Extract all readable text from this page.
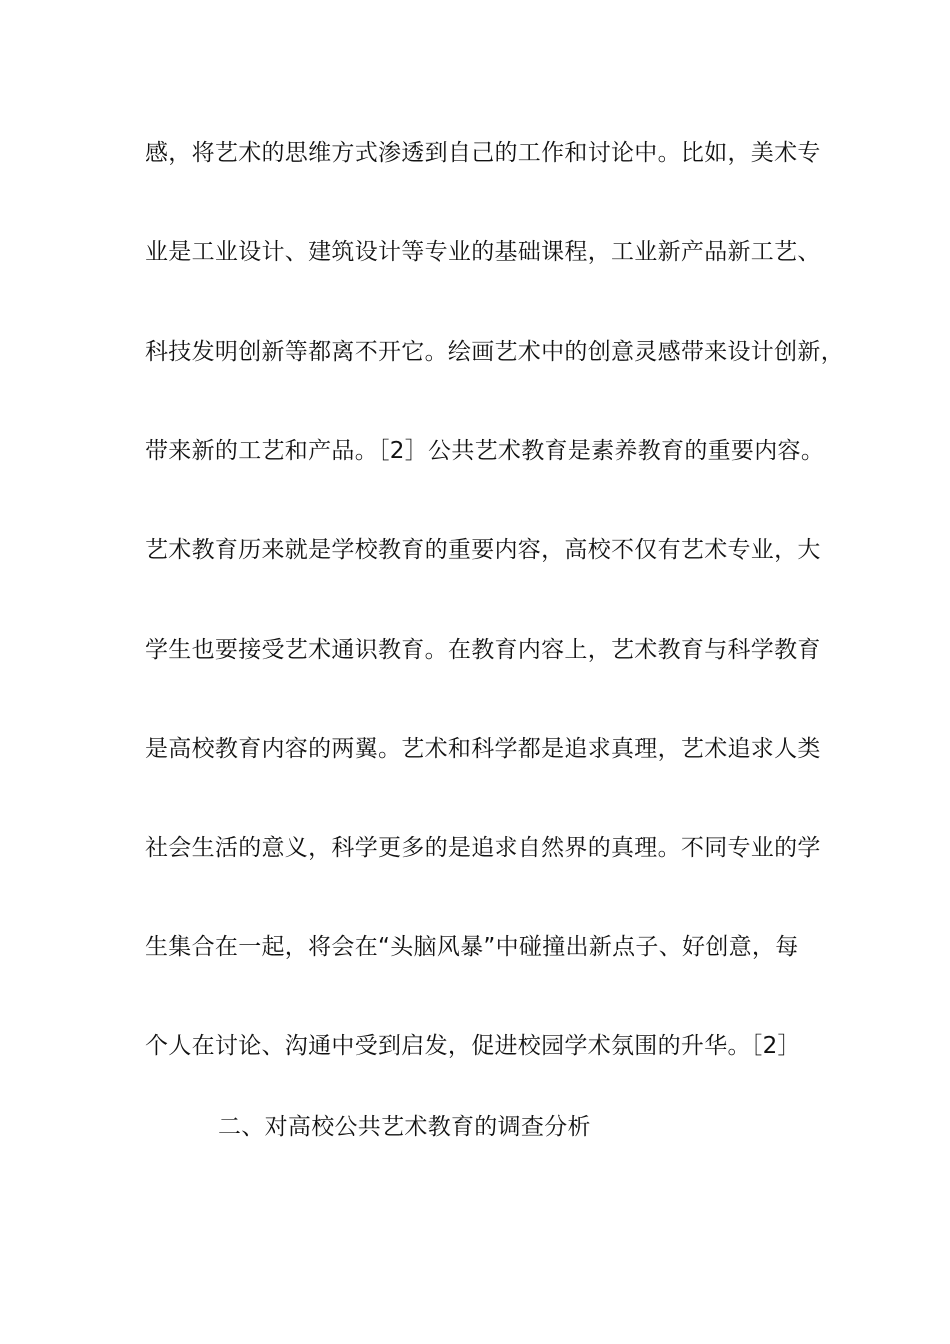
感，将艺术的思维方式渗透到自己的工作和讨论中。比如，美术专
业是工业设计、建筑设计等专业的基础课程，工业新产品新工艺、
科技发明创新等都离不开它。绘画艺术中的创意灵感带来设计创新，
带来新的工艺和产品。［2］公共艺术教育是素养教育的重要内容。
艺术教育历来就是学校教育的重要内容，高校不仅有艺术专业，大
学生也要接受艺术通识教育。在教育内容上，艺术教育与科学教育
是高校教育内容的两翼。艺术和科学都是追求真理，艺术追求人类
社会生活的意义，科学更多的是追求自然界的真理。不同专业的学
生集合在一起，将会在“头脑风暴”中碰撞出新点子、好创意，每
个人在讨论、沟通中受到启发，促进校园学术氛围的升华。［2］
二、对高校公共艺术教育的调查分析
